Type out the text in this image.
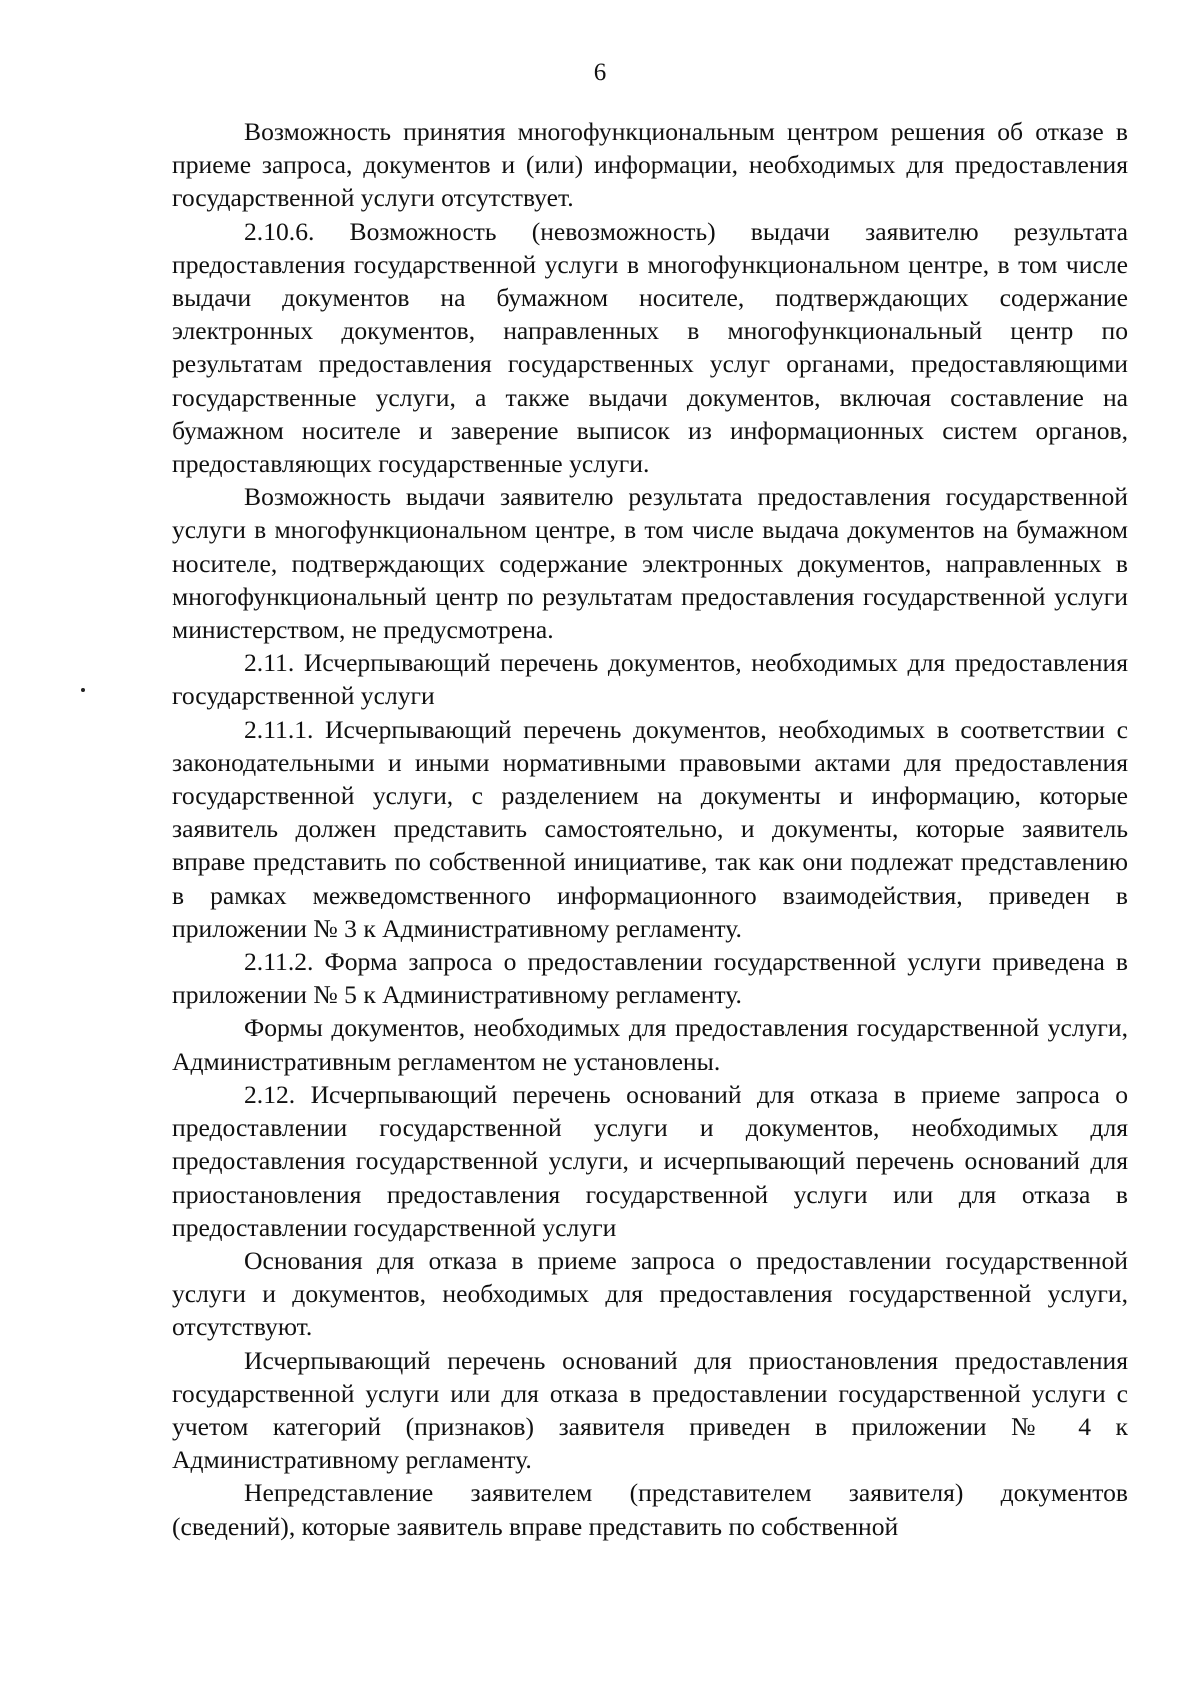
6

Возможность принятия многофункциональным центром решения об отказе в приеме запроса, документов и (или) информации, необходимых для предоставления государственной услуги отсутствует.

2.10.6. Возможность (невозможность) выдачи заявителю результата предоставления государственной услуги в многофункциональном центре, в том числе выдачи документов на бумажном носителе, подтверждающих содержание электронных документов, направленных в многофункциональный центр по результатам предоставления государственных услуг органами, предоставляющими государственные услуги, а также выдачи документов, включая составление на бумажном носителе и заверение выписок из информационных систем органов, предоставляющих государственные услуги.

Возможность выдачи заявителю результата предоставления государственной услуги в многофункциональном центре, в том числе выдача документов на бумажном носителе, подтверждающих содержание электронных документов, направленных в многофункциональный центр по результатам предоставления государственной услуги министерством, не предусмотрена.

2.11. Исчерпывающий перечень документов, необходимых для предоставления государственной услуги

2.11.1. Исчерпывающий перечень документов, необходимых в соответствии с законодательными и иными нормативными правовыми актами для предоставления государственной услуги, с разделением на документы и информацию, которые заявитель должен представить самостоятельно, и документы, которые заявитель вправе представить по собственной инициативе, так как они подлежат представлению в рамках межведомственного информационного взаимодействия, приведен в приложении № 3 к Административному регламенту.

2.11.2. Форма запроса о предоставлении государственной услуги приведена в приложении № 5 к Административному регламенту.

Формы документов, необходимых для предоставления государственной услуги, Административным регламентом не установлены.

2.12. Исчерпывающий перечень оснований для отказа в приеме запроса о предоставлении государственной услуги и документов, необходимых для предоставления государственной услуги, и исчерпывающий перечень оснований для приостановления предоставления государственной услуги или для отказа в предоставлении государственной услуги

Основания для отказа в приеме запроса о предоставлении государственной услуги и документов, необходимых для предоставления государственной услуги, отсутствуют.

Исчерпывающий перечень оснований для приостановления предоставления государственной услуги или для отказа в предоставлении государственной услуги с учетом категорий (признаков) заявителя приведен в приложении № 4 к Административному регламенту.

Непредставление заявителем (представителем заявителя) документов (сведений), которые заявитель вправе представить по собственной
